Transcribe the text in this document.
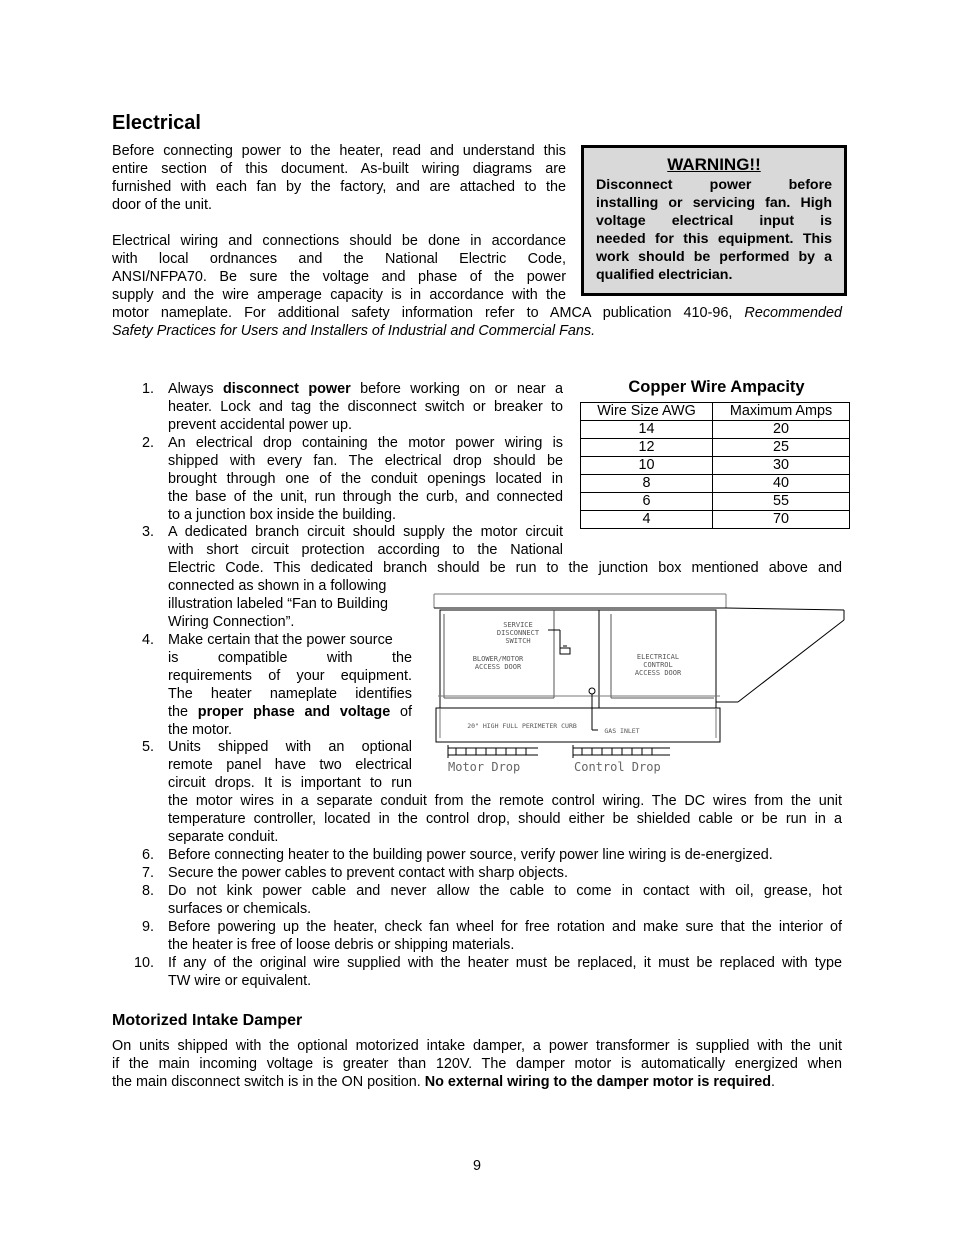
Electrical
Before connecting power to the heater, read and understand this
entire section of this document. As-built wiring diagrams are
furnished with each fan by the factory, and are attached to the
door of the unit.
Electrical wiring and connections should be done in accordance
with local ordnances and the National Electric Code,
ANSI/NFPA70. Be sure the voltage and phase of the power
supply and the wire amperage capacity is in accordance with the
motor nameplate. For additional safety information refer to AMCA publication 410-96, Recommended
Safety Practices for Users and Installers of Industrial and Commercial Fans.
WARNING!!
Disconnect power before
installing or servicing fan. High
voltage electrical input is
needed for this equipment. This
work should be performed by a
qualified electrician.
Copper Wire Ampacity
Wire Size AWG	Maximum Amps
14	20
12	25
10	30
8	40
6	55
4	70
1. Always disconnect power before working on or near a
heater. Lock and tag the disconnect switch or breaker to
prevent accidental power up.
2. An electrical drop containing the motor power wiring is
shipped with every fan. The electrical drop should be
brought through one of the conduit openings located in
the base of the unit, run through the curb, and connected
to a junction box inside the building.
3. A dedicated branch circuit should supply the motor circuit
with short circuit protection according to the National
Electric Code. This dedicated branch should be run to the junction box mentioned above and
connected as shown in a following
illustration labeled “Fan to Building
Wiring Connection”.
4. Make certain that the power source
is compatible with the
requirements of your equipment.
The heater nameplate identifies
the proper phase and voltage of
the motor.
5. Units shipped with an optional
remote panel have two electrical
circuit drops. It is important to run
the motor wires in a separate conduit from the remote control wiring. The DC wires from the unit
temperature controller, located in the control drop, should either be shielded cable or be run in a
separate conduit.
6. Before connecting heater to the building power source, verify power line wiring is de-energized.
7. Secure the power cables to prevent contact with sharp objects.
8. Do not kink power cable and never allow the cable to come in contact with oil, grease, hot
surfaces or chemicals.
9. Before powering up the heater, check fan wheel for free rotation and make sure that the interior of
the heater is free of loose debris or shipping materials.
10. If any of the original wire supplied with the heater must be replaced, it must be replaced with type
TW wire or equivalent.
SERVICE
DISCONNECT
SWITCH
BLOWER/MOTOR
ACCESS DOOR
ELECTRICAL
CONTROL
ACCESS DOOR
20" HIGH FULL PERIMETER CURB
GAS INLET
Motor Drop	Control Drop
Motorized Intake Damper
On units shipped with the optional motorized intake damper, a power transformer is supplied with the unit
if the main incoming voltage is greater than 120V. The damper motor is automatically energized when
the main disconnect switch is in the ON position. No external wiring to the damper motor is required.
9
